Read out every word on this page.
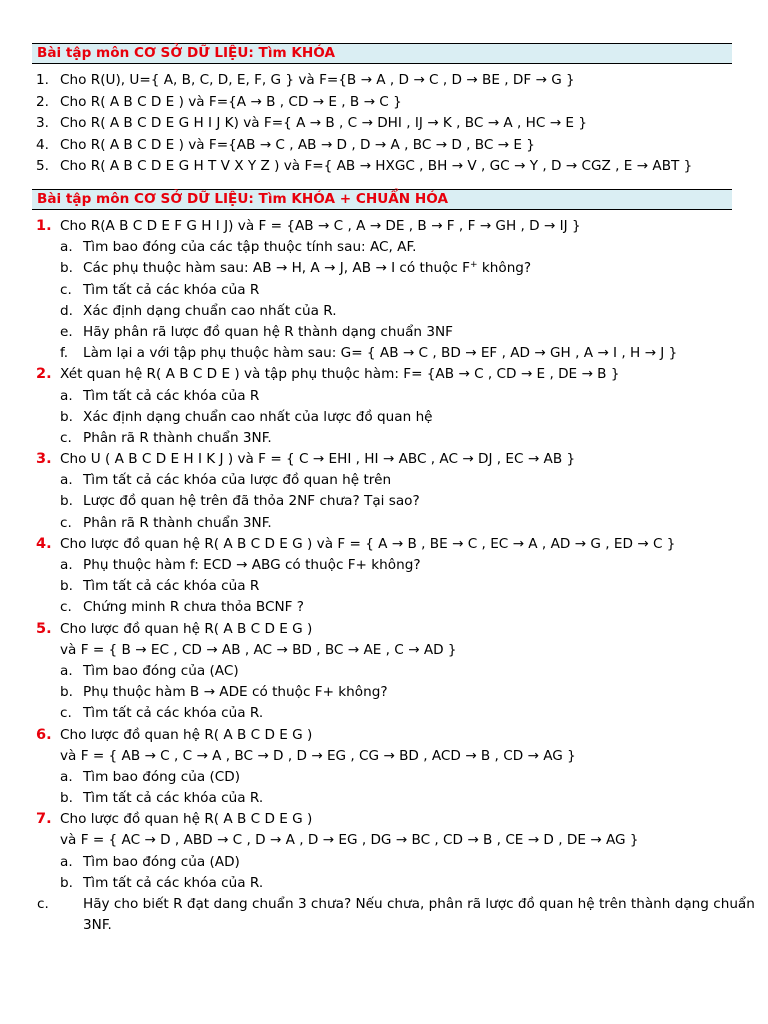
Bài tập môn CƠ SỞ DỮ LIỆU: Tìm KHÓA
1. Cho R(U), U={ A, B, C, D, E, F, G } và F={B → A , D → C , D → BE , DF → G }
2. Cho R( A B C D E ) và F={A → B , CD → E , B → C }
3. Cho R( A B C D E G H I J K) và F={ A → B , C → DHI , IJ → K , BC → A , HC → E }
4. Cho R( A B C D E ) và F={AB → C , AB → D , D → A , BC → D , BC → E }
5. Cho R( A B C D E G H T V X Y Z ) và F={ AB → HXGC , BH → V , GC → Y , D → CGZ , E → ABT }
Bài tập môn CƠ SỞ DỮ LIỆU: Tìm KHÓA + CHUẨN HÓA
1. Cho R(A B C D E F G H I J) và F = {AB → C , A → DE , B → F , F → GH , D → IJ }
a. Tìm bao đóng của các tập thuộc tính sau: AC, AF.
b. Các phụ thuộc hàm sau: AB → H, A → J, AB → I có thuộc F+ không?
c. Tìm tất cả các khóa của R
d. Xác định dạng chuẩn cao nhất của R.
e. Hãy phân rã lược đồ quan hệ R thành dạng chuẩn 3NF
f. Làm lại a với tập phụ thuộc hàm sau: G= { AB → C , BD → EF , AD → GH , A → I , H → J }
2. Xét quan hệ R( A B C D E ) và tập phụ thuộc hàm: F= {AB → C , CD → E , DE → B }
a. Tìm tất cả các khóa của R
b. Xác định dạng chuẩn cao nhất của lược đồ quan hệ
c. Phân rã R thành chuẩn 3NF.
3. Cho U ( A B C D E H I K J ) và F = { C → EHI , HI → ABC , AC → DJ , EC → AB }
a. Tìm tất cả các khóa của lược đồ quan hệ trên
b. Lược đồ quan hệ trên đã thỏa 2NF chưa? Tại sao?
c. Phân rã R thành chuẩn 3NF.
4. Cho lược đồ quan hệ R( A B C D E G ) và F = { A → B , BE → C , EC → A , AD → G , ED → C }
a. Phụ thuộc hàm f: ECD → ABG có thuộc F+ không?
b. Tìm tất cả các khóa của R
c. Chứng minh R chưa thỏa BCNF ?
5. Cho lược đồ quan hệ R( A B C D E G )
và F = { B → EC , CD → AB , AC → BD , BC → AE , C → AD }
a. Tìm bao đóng của (AC)
b. Phụ thuộc hàm B → ADE có thuộc F+ không?
c. Tìm tất cả các khóa của R.
6. Cho lược đồ quan hệ R( A B C D E G )
và F = { AB → C , C → A , BC → D , D → EG , CG → BD , ACD → B , CD → AG }
a. Tìm bao đóng của (CD)
b. Tìm tất cả các khóa của R.
7. Cho lược đồ quan hệ R( A B C D E G )
và F = { AC → D , ABD → C , D → A , D → EG , DG → BC , CD → B , CE → D , DE → AG }
a. Tìm bao đóng của (AD)
b. Tìm tất cả các khóa của R.
c.	Hãy cho biết R đạt dang chuẩn 3 chưa? Nếu chưa, phân rã lược đồ quan hệ trên thành dạng chuẩn 3NF.
